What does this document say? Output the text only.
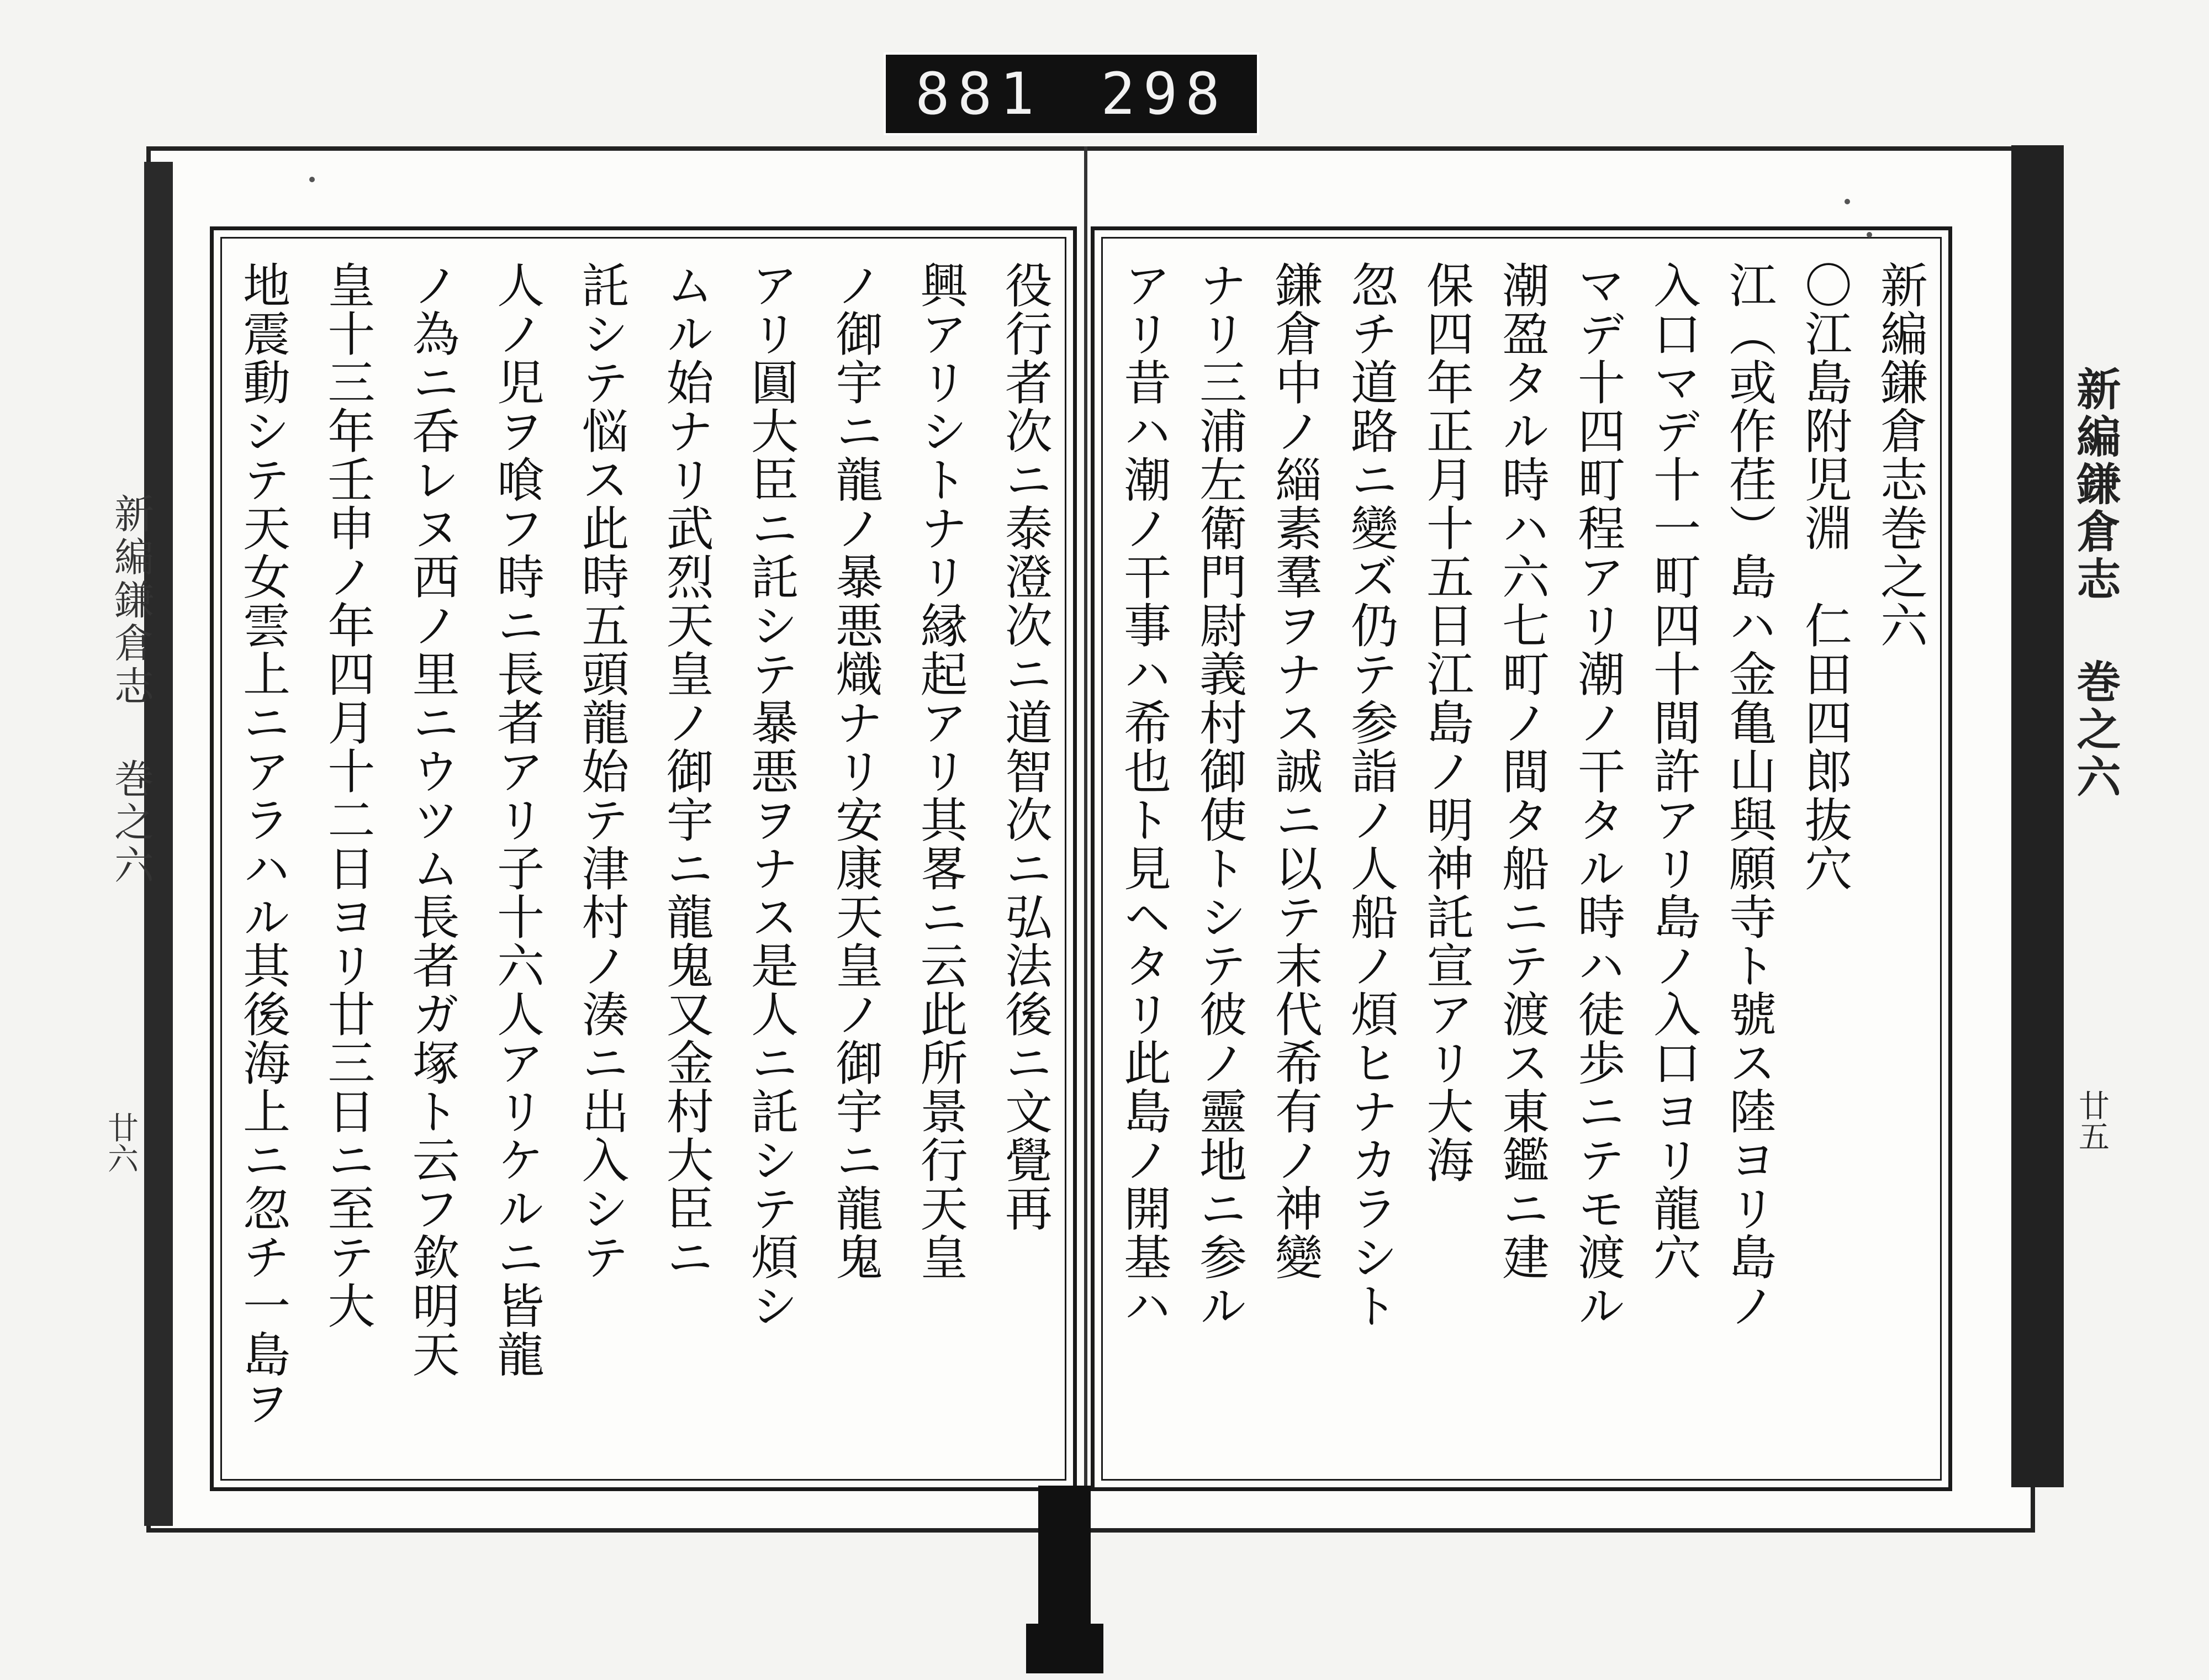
881 298
新編鎌倉志 巻之六
廿六
新編鎌倉志 巻之六
廿五
役行者次ニ泰澄次ニ道智次ニ弘法後ニ文覺再
興アリシトナリ縁起アリ其畧ニ云此所景行天皇
ノ御宇ニ龍ノ暴悪熾ナリ安康天皇ノ御宇ニ龍鬼
アリ圓大臣ニ託シテ暴悪ヲナス是人ニ託シテ煩シ
ムル始ナリ武烈天皇ノ御宇ニ龍鬼又金村大臣ニ
託シテ悩ス此時五頭龍始テ津村ノ湊ニ出入シテ
人ノ児ヲ喰フ時ニ長者アリ子十六人アリケルニ皆龍
ノ為ニ呑レヌ西ノ里ニウツム長者ガ塚ト云フ欽明天
皇十三年壬申ノ年四月十二日ヨリ廿三日ニ至テ大
地震動シテ天女雲上ニアラハル其後海上ニ忽チ一島ヲ	新編鎌倉志巻之六
〇江島附児淵　仁田四郎抜穴
江（或作荏）島ハ金亀山與願寺ト號ス陸ヨリ島ノ
入口マデ十一町四十間許アリ島ノ入口ヨリ龍穴
マデ十四町程アリ潮ノ干タル時ハ徒歩ニテモ渡ル
潮盈タル時ハ六七町ノ間タ船ニテ渡ス東鑑ニ建
保四年正月十五日江島ノ明神託宣アリ大海
忽チ道路ニ變ズ仍テ参詣ノ人船ノ煩ヒナカラシト
鎌倉中ノ緇素羣ヲナス誠ニ以テ末代希有ノ神變
ナリ三浦左衛門尉義村御使トシテ彼ノ靈地ニ参ル
アリ昔ハ潮ノ干事ハ希也ト見ヘタリ此島ノ開基ハ
